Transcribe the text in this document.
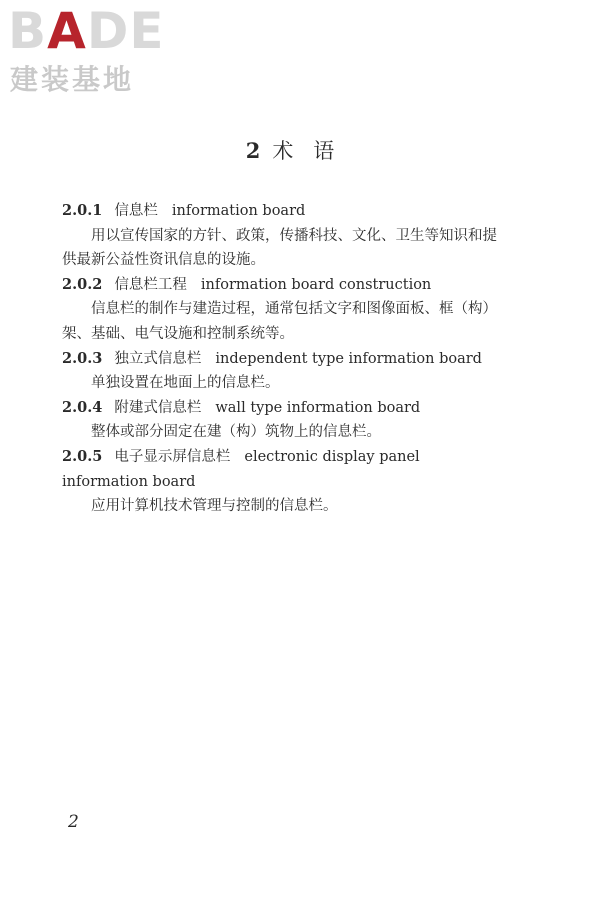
BADE
建装基地
2 术语
2.0.1 信息栏 information board
用以宣传国家的方针、政策，传播科技、文化、卫生等知识和提供最新公益性资讯信息的设施。
2.0.2 信息栏工程 information board construction
信息栏的制作与建造过程，通常包括文字和图像面板、框（构）架、基础、电气设施和控制系统等。
2.0.3 独立式信息栏 independent type information board
单独设置在地面上的信息栏。
2.0.4 附建式信息栏 wall type information board
整体或部分固定在建（构）筑物上的信息栏。
2.0.5 电子显示屏信息栏 electronic display panel information board
应用计算机技术管理与控制的信息栏。
2
